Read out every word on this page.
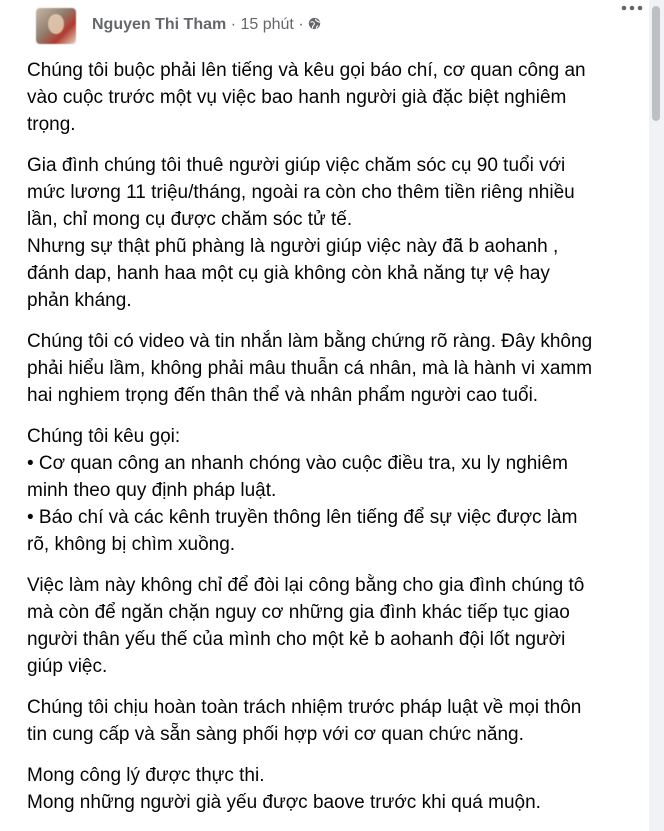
Nguyen Thi Tham · 15 phút ·

Chúng tôi buộc phải lên tiếng và kêu gọi báo chí, cơ quan công an
vào cuộc trước một vụ việc bao hanh người già đặc biệt nghiêm
trọng.

Gia đình chúng tôi thuê người giúp việc chăm sóc cụ 90 tuổi với
mức lương 11 triệu/tháng, ngoài ra còn cho thêm tiền riêng nhiều
lần, chỉ mong cụ được chăm sóc tử tế.
Nhưng sự thật phũ phàng là người giúp việc này đã b aohanh ,
đánh dap, hanh haa một cụ già không còn khả năng tự vệ hay
phản kháng.

Chúng tôi có video và tin nhắn làm bằng chứng rõ ràng. Đây không
phải hiểu lầm, không phải mâu thuẫn cá nhân, mà là hành vi xamm
hai nghiem trọng đến thân thể và nhân phẩm người cao tuổi.

Chúng tôi kêu gọi:
• Cơ quan công an nhanh chóng vào cuộc điều tra, xu ly nghiêm
minh theo quy định pháp luật.
• Báo chí và các kênh truyền thông lên tiếng để sự việc được làm
rõ, không bị chìm xuồng.

Việc làm này không chỉ để đòi lại công bằng cho gia đình chúng tô
mà còn để ngăn chặn nguy cơ những gia đình khác tiếp tục giao
người thân yếu thế của mình cho một kẻ b aohanh đội lốt người
giúp việc.

Chúng tôi chịu hoàn toàn trách nhiệm trước pháp luật về mọi thôn
tin cung cấp và sẵn sàng phối hợp với cơ quan chức năng.

Mong công lý được thực thi.
Mong những người già yếu được baove trước khi quá muộn.
